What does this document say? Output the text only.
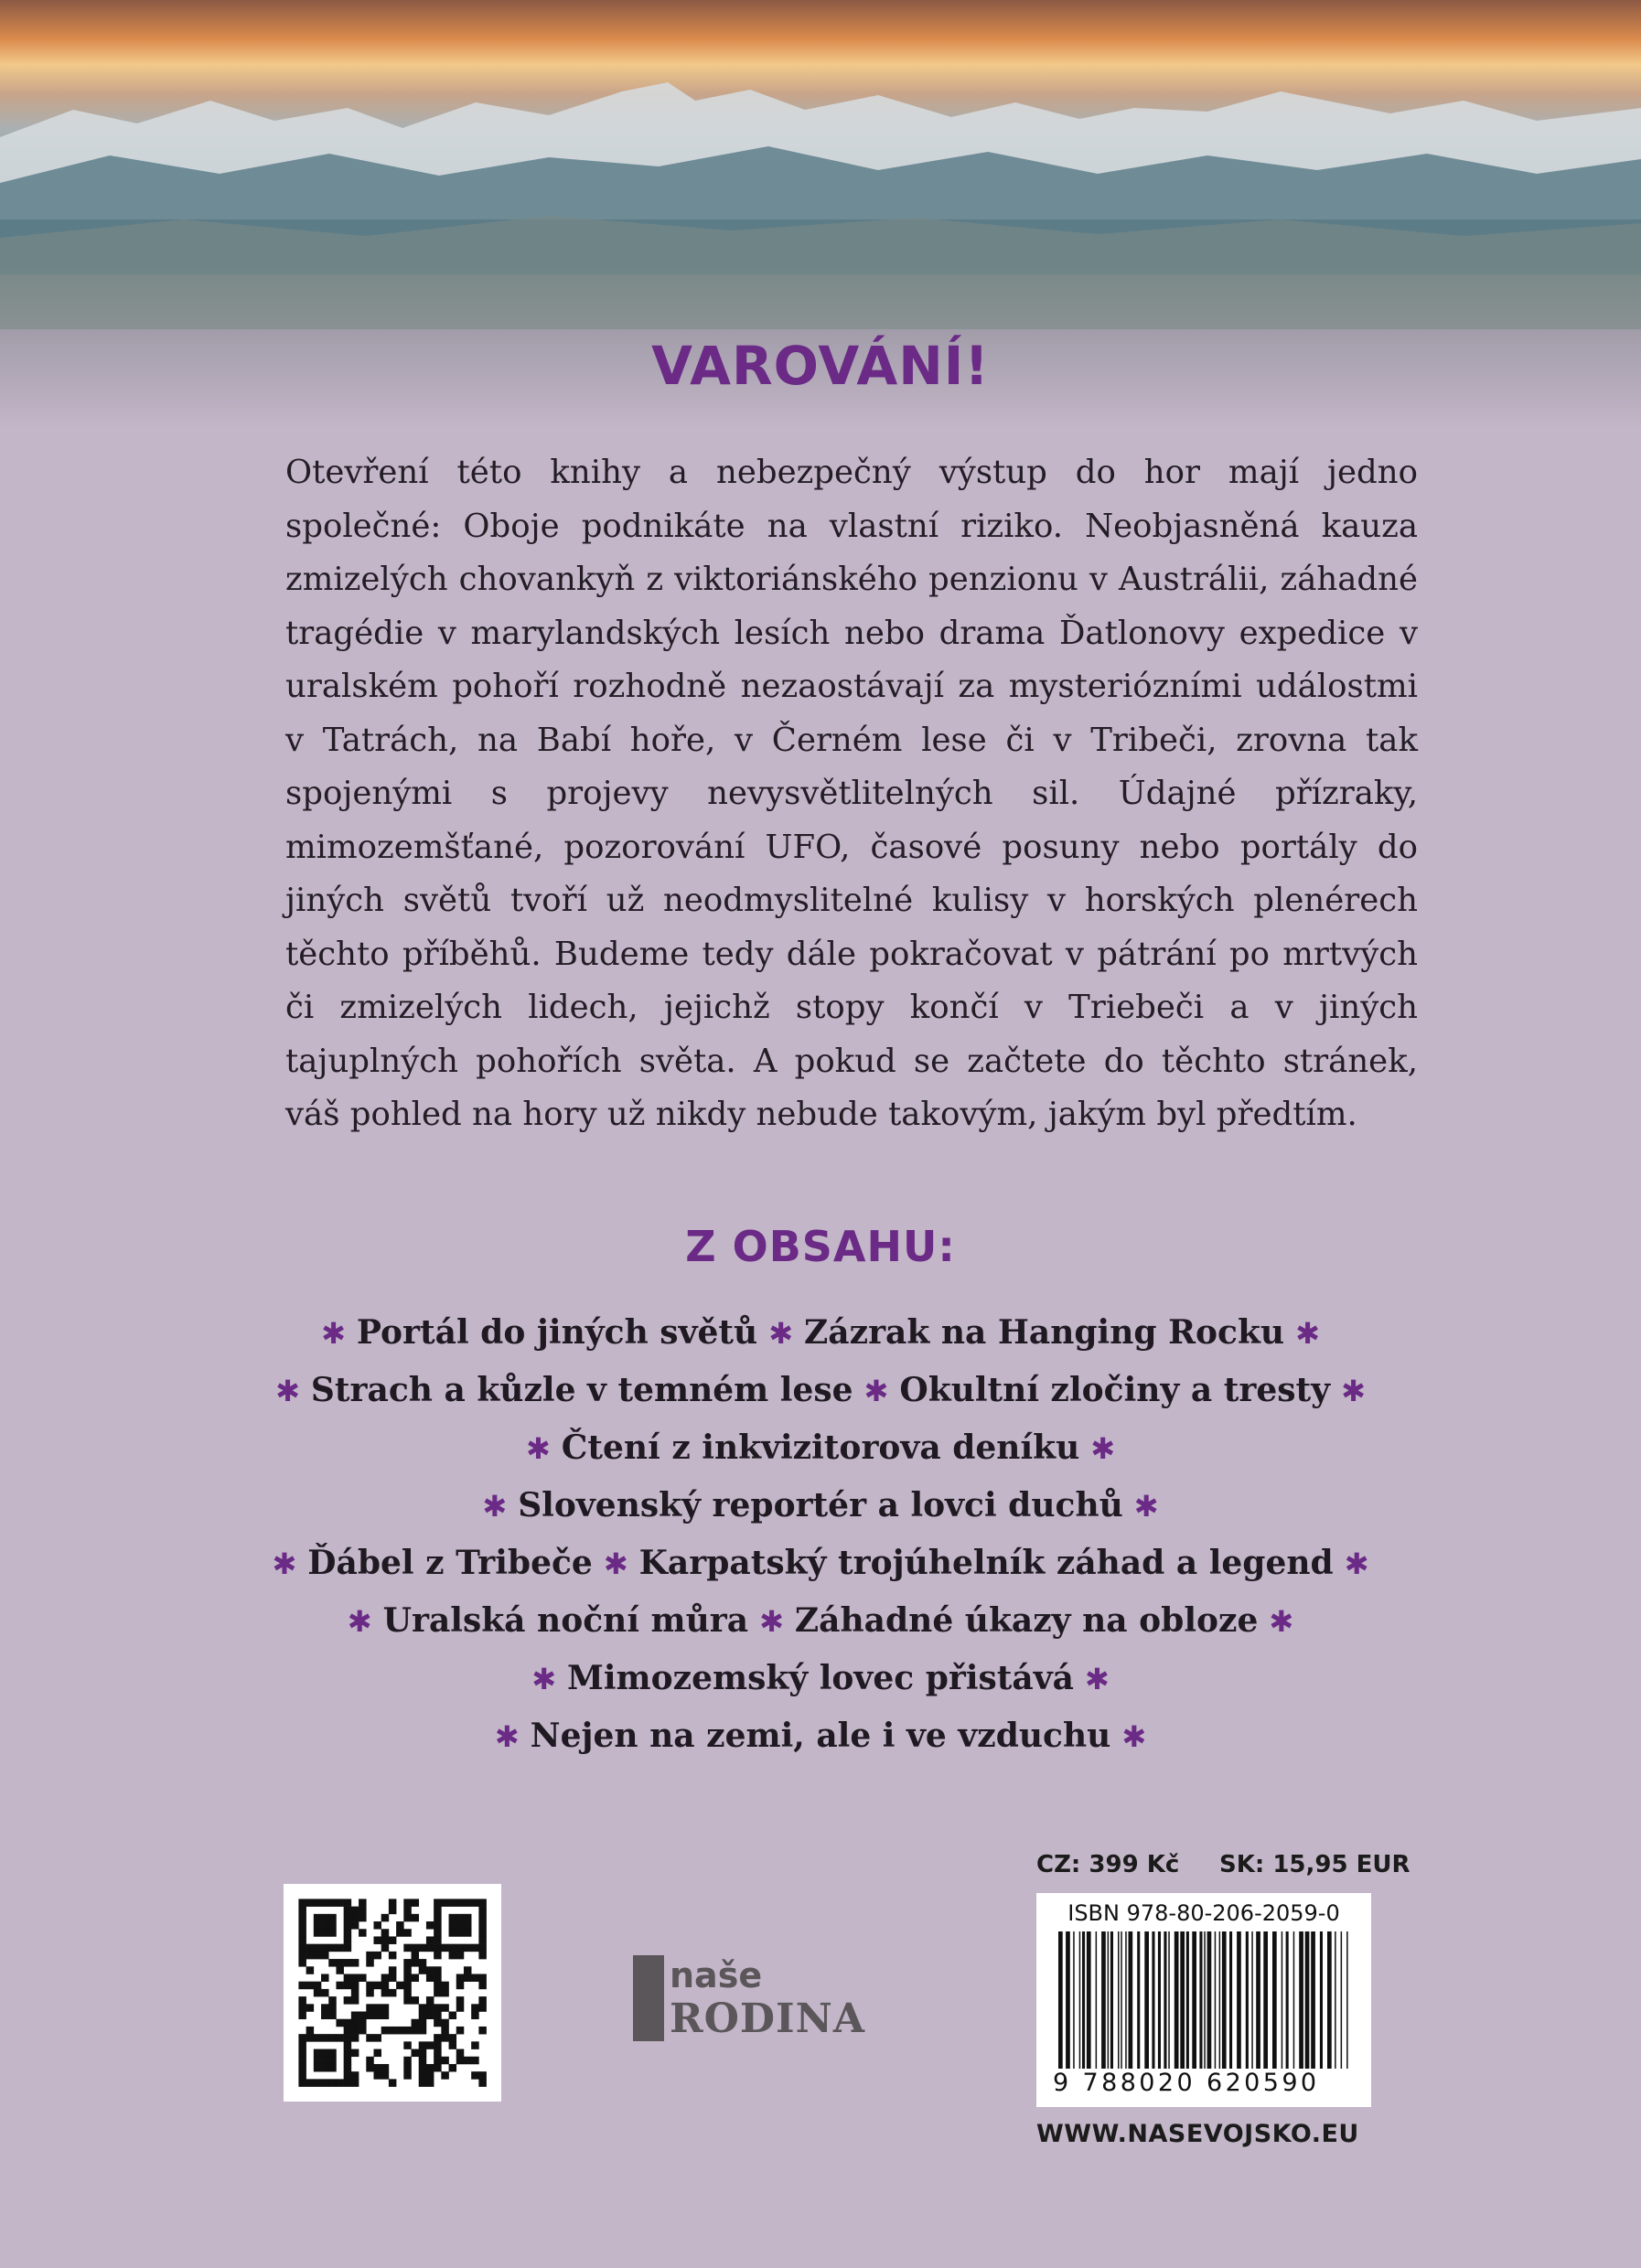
VAROVÁNÍ!
Otevření této knihy a nebezpečný výstup do hor mají jedno společné: Oboje podnikáte na vlastní riziko. Neobjasněná kauza zmizelých chovankyň z viktoriánského penzionu v Austrálii, záhadné tragédie v marylandských lesích nebo drama Ďatlonovy expedice v uralském pohoří rozhodně nezaostávají za mysteriózními událostmi v Tatrách, na Babí hoře, v Černém lese či v Tribeči, zrovna tak spojenými s projevy nevysvětlitelných sil. Údajné přízraky, mimozemšťané, pozorování UFO, časové posuny nebo portály do jiných světů tvoří už neodmyslitelné kulisy v horských plenérech těchto příběhů. Budeme tedy dále pokračovat v pátrání po mrtvých či zmizelých lidech, jejichž stopy končí v Triebeči a v jiných tajuplných pohořích světa. A pokud se začtete do těchto stránek, váš pohled na hory už nikdy nebude takovým, jakým byl předtím.
Z OBSAHU:
✱ Portál do jiných světů ✱ Zázrak na Hanging Rocku ✱
✱ Strach a kůzle v temném lese ✱ Okultní zločiny a tresty ✱
✱ Čtení z inkvizitorova deníku ✱
✱ Slovenský reportér a lovci duchů ✱
✱ Ďábel z Tribeče ✱ Karpatský trojúhelník záhad a legend ✱
✱ Uralská noční můra ✱ Záhadné úkazy na obloze ✱
✱ Mimozemský lovec přistává ✱
✱ Nejen na zemi, ale i ve vzduchu ✱
naše
RODINA
CZ: 399 Kč SK: 15,95 EUR
ISBN 978-80-206-2059-0
9 788020 620590
WWW.NASEVOJSKO.EU
